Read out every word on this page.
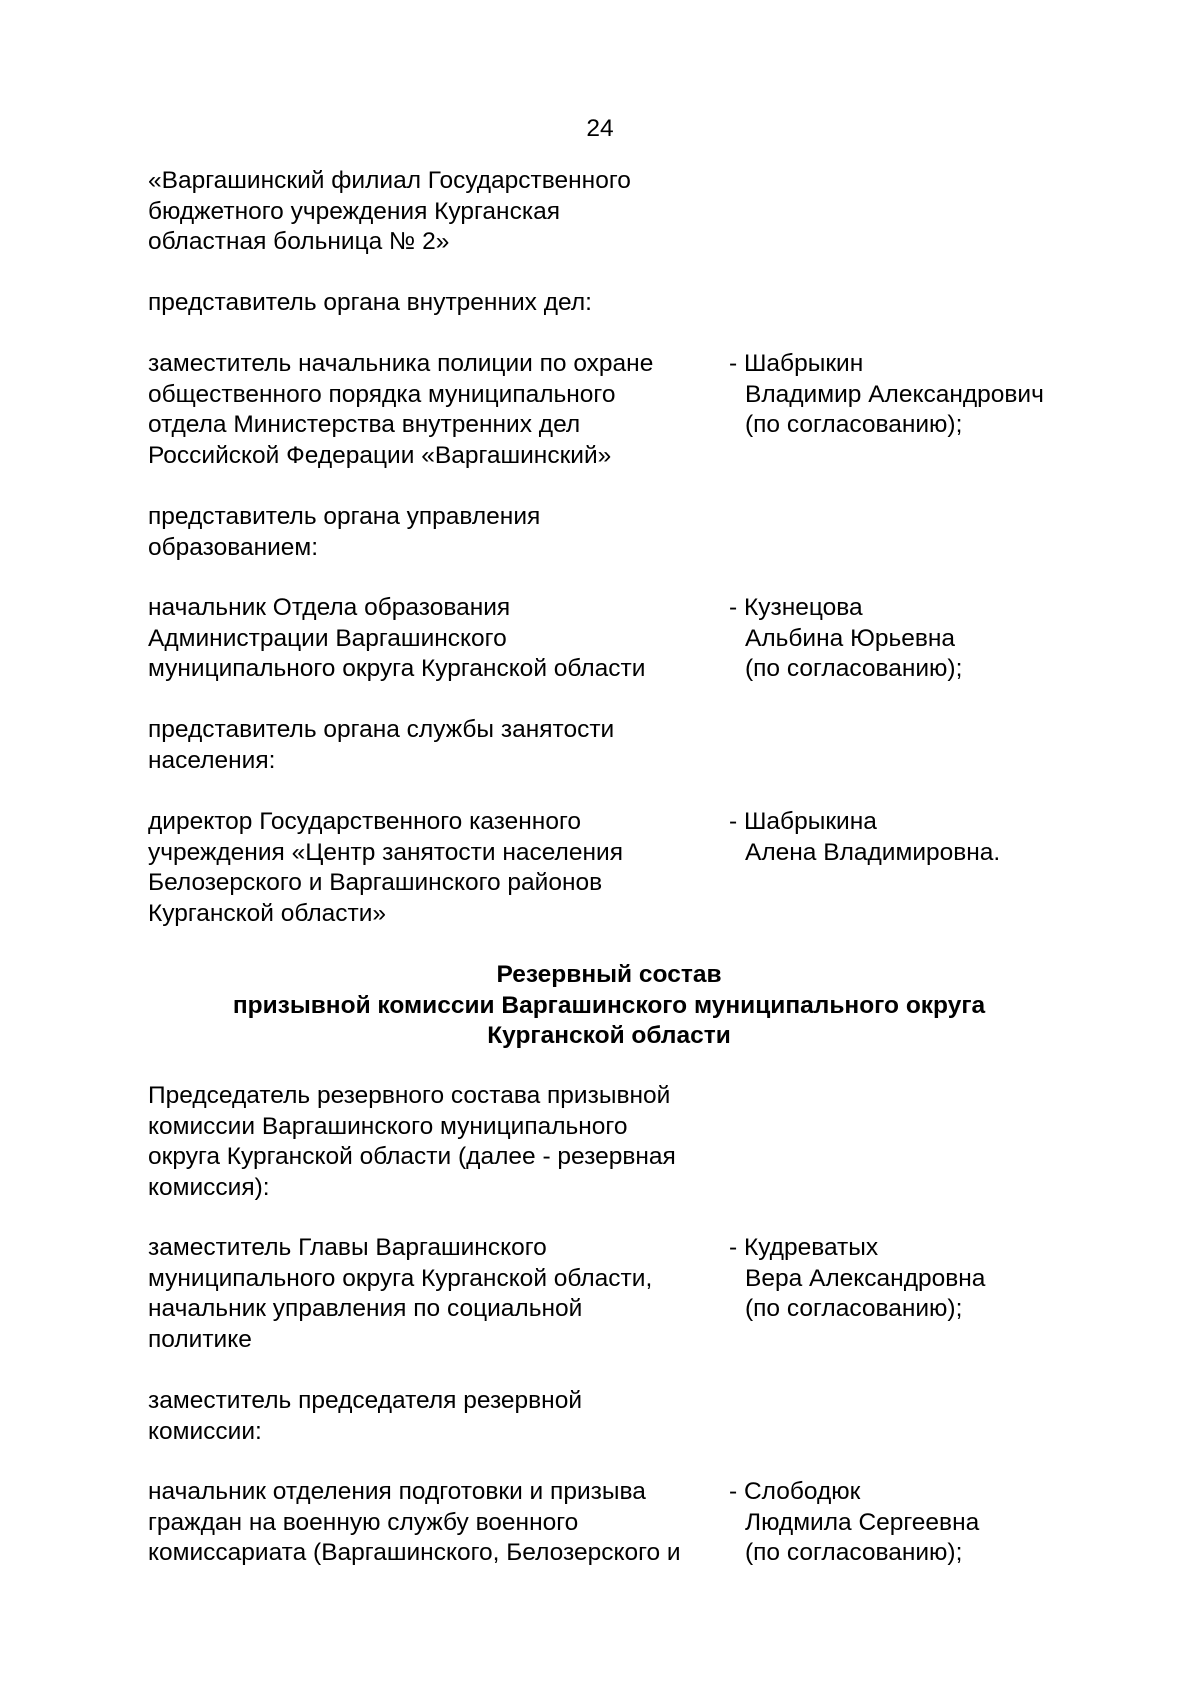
24
«Варгашинский филиал Государственного
бюджетного учреждения Курганская
областная больница № 2»
представитель органа внутренних дел:
заместитель начальника полиции по охране
общественного порядка муниципального
отдела Министерства внутренних дел
Российской Федерации «Варгашинский»
- Шабрыкин
Владимир Александрович
(по согласованию);
представитель органа управления
образованием:
начальник Отдела образования
Администрации Варгашинского
муниципального округа Курганской области
- Кузнецова
Альбина Юрьевна
(по согласованию);
представитель органа службы занятости
населения:
директор Государственного казенного
учреждения «Центр занятости населения
Белозерского и Варгашинского районов
Курганской области»
- Шабрыкина
Алена Владимировна.
Резервный состав
призывной комиссии Варгашинского муниципального округа
Курганской области
Председатель резервного состава призывной
комиссии Варгашинского муниципального
округа Курганской области (далее - резервная
комиссия):
заместитель Главы Варгашинского
муниципального округа Курганской области,
начальник управления по социальной
политике
- Кудреватых
Вера Александровна
(по согласованию);
заместитель председателя резервной
комиссии:
начальник отделения подготовки и призыва
граждан на военную службу военного
комиссариата (Варгашинского, Белозерского и
- Слободюк
Людмила Сергеевна
(по согласованию);
